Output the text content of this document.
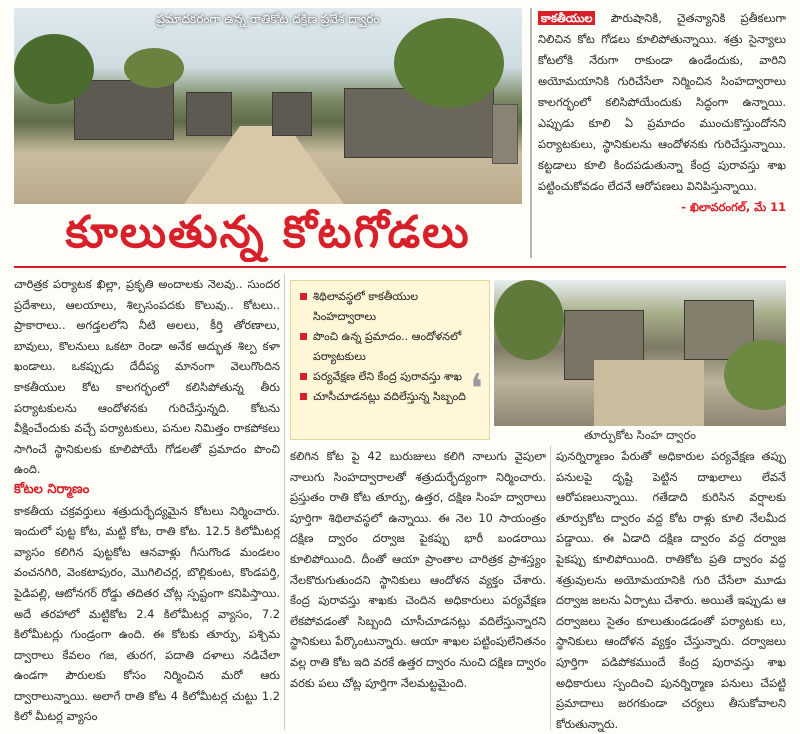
ప్రమాదకరంగా ఉన్న రాతికోట దక్షిణ ప్రవేశ ద్వారం
కూలుతున్న కోటగోడలు
కాకతీయుల పౌరుషానికి, చైతన్యానికి ప్రతీకలుగా నిలిచిన కోట గోడలు కూలిపోతున్నాయి. శత్రు సైన్యాలు కోటలోకి నేరుగా రాకుండా ఉండేందుకు, వారిని అయోమయానికి గురిచేసేలా నిర్మించిన సింహద్వారాలు కాలగర్భంలో కలిసిపోయేందుకు సిద్ధంగా ఉన్నాయి. ఎప్పుడు కూలి ఏ ప్రమాదం ముంచుకొస్తుందోనని పర్యాటకులు, స్థానికులను ఆందోళనకు గురిచేస్తున్నాయి. కట్టడాలు కూలి కిందపడుతున్నా కేంద్ర పురావస్తు శాఖ పట్టించుకోవడం లేదనే ఆరోపణలు వినిపిస్తున్నాయి.
- ఖిలావరంగల్, మే 11

చారిత్రక పర్యాటక ఖిల్లా, ప్రకృతి అందాలకు నెలవు.. సుందర ప్రదేశాలు, ఆలయాలు, శిల్పసంపదకు కొలువు.. కోటలు.. ప్రాకారాలు.. అగడ్తలలోని నీటి అలలు, కీర్తి తోరణాలు, బావులు, కొలనులు ఒకటా రెండా అనేక అద్భుత శిల్ప కళా ఖండాలు. ఒకప్పుడు దేదీప్య మానంగా వెలుగొందిన కాకతీయుల కోట కాలగర్భంలో కలిసిపోతున్న తీరు పర్యాటకులను ఆందోళనకు గురిచేస్తున్నది. కోటను వీక్షించేందుకు వచ్చే పర్యాటకులు, పనుల నిమిత్తం రాకపోకలు సాగించే స్థానికులకు కూలిపోయే గోడలతో ప్రమాదం పొంచి ఉంది.

కోటల నిర్మాణం

కాకతీయ చక్రవర్తులు శత్రుదుర్భేద్యమైన కోటలు నిర్మించారు. ఇందులో పుట్ట కోట, మట్టి కోట, రాతి కోట. 12.5 కిలోమీటర్ల వ్యాసం కలిగిన పుట్టకోట ఆనవాళ్లు గీసుగొండ మండలం వంచనగిరి, వెంకటాపురం, మొగిలిచర్ల, బొల్లికుంట, కొండపర్తి, పైడిపల్లి, ఆటోనగర్ రోడ్డు తదితర చోట్ల స్పష్టంగా కనిపిస్తాయి. అదే తరహాలో మట్టికోట 2.4 కిలోమీటర్ల వ్యాసం, 7.2 కిలోమీటర్లు గుండ్రంగా ఉంది. ఈ కోటకు తూర్పు, పశ్చిమ ద్వారాలు కేవలం గజ, తురగ, పదాతి దళాలు నడిచేలా ఉండగా పౌరులకు కోసం నిర్మించిన మరో ఆరు ద్వారాలున్నాయి. అలాగే రాతి కోట 4 కిలోమీటర్ల చుట్టు 1.2 కిలో మీటర్ల వ్యాసం

శిథిలావస్థలో కాకతీయుల సింహద్వారాలు
పొంచి ఉన్న ప్రమాదం.. ఆందోళనలో పర్యాటకులు
పర్యవేక్షణ లేని కేంద్ర పురావస్తు శాఖ
చూసీచూడనట్లు వదిలేస్తున్న సిబ్బంది ❛
తూర్పుకోట సింహ ద్వారం

కలిగిన కోట పై 42 బురుజులు కలిగి నాలుగు వైపులా నాలుగు సింహద్వారాలతో శత్రుదుర్భేద్యంగా నిర్మించారు. ప్రస్తుతం రాతి కోట తూర్పు, ఉత్తర, దక్షిణ సింహ ద్వారాలు పూర్తిగా శిథిలావస్థలో ఉన్నాయి. ఈ నెల 10 సాయంత్రం దక్షిణ ద్వారం దర్వాజ పైకప్పు భారీ బండరాయి కూలిపోయింది. దీంతో ఆయా ప్రాంతాల చారిత్రక ప్రాశస్త్యం నేలకొరుగుతుందని స్థానికులు ఆందోళన వ్యక్తం చేశారు. కేంద్ర పురావస్తు శాఖకు చెందిన అధికారులు పర్యవేక్షణ లేకపోవడంతో సిబ్బంది చూసీచూడనట్లు వదిలేస్తున్నారని స్థానికులు పేర్కొంటున్నారు. ఆయా శాఖల పట్టింపులేనితనం వల్ల రాతి కోట ఇది వరకే ఉత్తర ద్వారం నుంచి దక్షిణ ద్వారం వరకు పలు చోట్ల పూర్తిగా నేలమట్టమైంది.

పునర్నిర్మాణం పేరుతో అధికారుల పర్యవేక్షణ తప్పు పనులపై దృష్టి పెట్టిన దాఖలాలు లేవనే ఆరోపణలున్నాయి. గతేడాది కురిసిన వర్షాలకు తూర్పుకోట ద్వారం వద్ద కోట రాళ్లు కూలి నేలమీద పడ్డాయి. ఈ ఏడాది దక్షిణ ద్వారం వద్ద దర్వాజ పైకప్పు కూలిపోయింది. రాతికోట ప్రతి ద్వారం వద్ద శత్రువులను అయోమయానికి గురి చేసేలా మూడు దర్వాజ జలను ఏర్పాటు చేశారు. అయితే ఇప్పుడు ఆ దర్వాజలు సైతం కూలుతుండడంతో పర్యాటకు లు, స్థానికులు ఆందోళన వ్యక్తం చేస్తున్నారు. దర్వాజలు పూర్తిగా పడిపోకముందే కేంద్ర పురావస్తు శాఖ అధికారులు స్పందించి పునర్నిర్మాణ పనులు చేపట్టి ప్రమాదాలు జరగకుండా చర్యలు తీసుకోవాలని కోరుతున్నారు.
